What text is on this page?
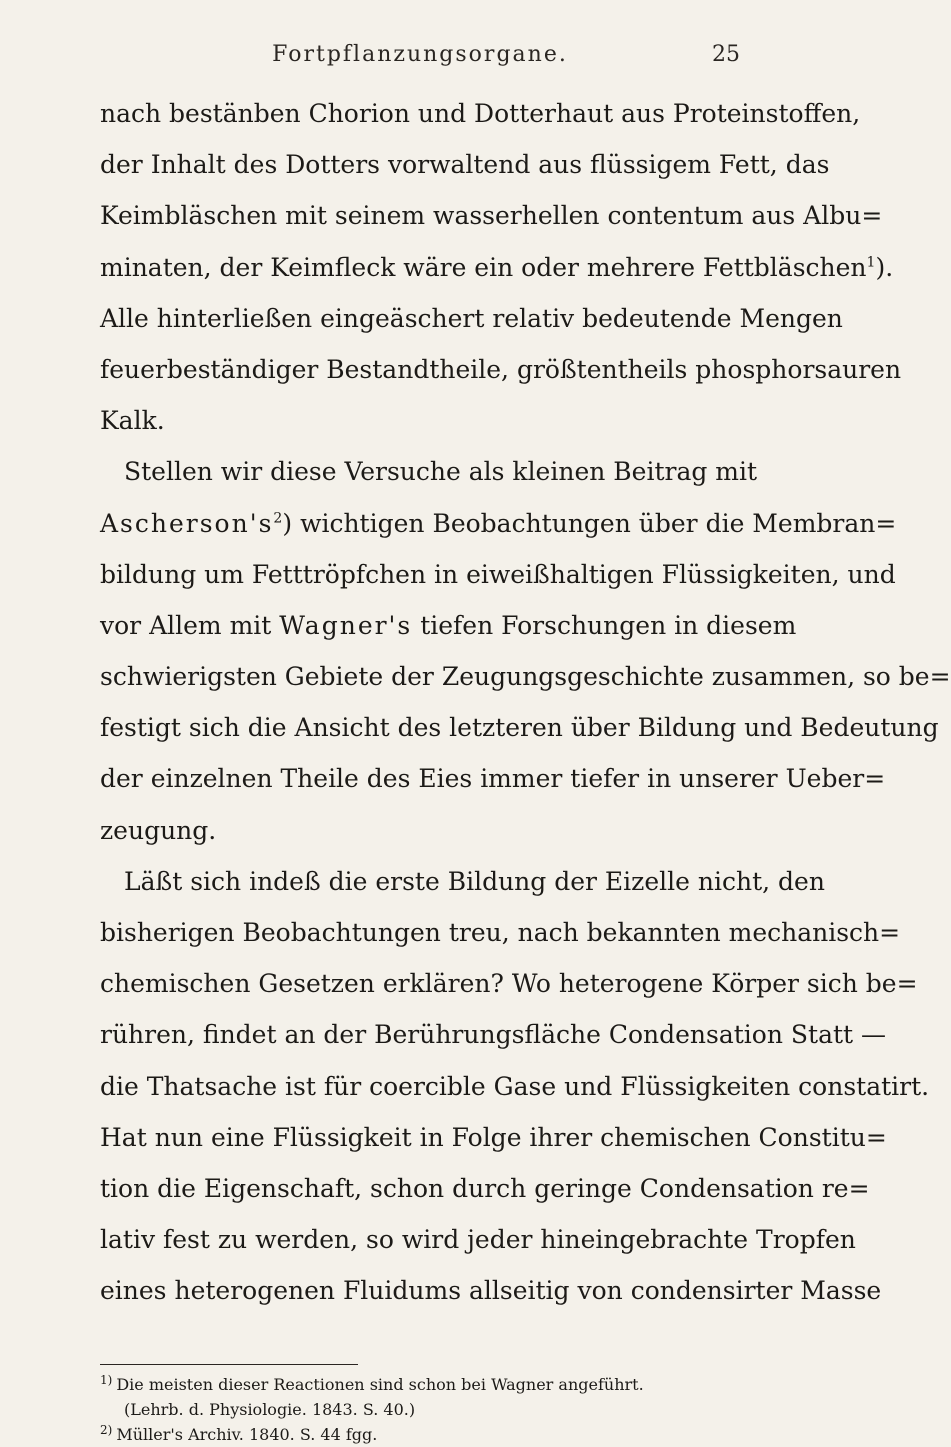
Fortpflanzungsorgane.	25
nach bestänben Chorion und Dotterhaut aus Proteinstoffen,
der Inhalt des Dotters vorwaltend aus flüssigem Fett, das
Keimbläschen mit seinem wasserhellen contentum aus Albu=
minaten, der Keimfleck wäre ein oder mehrere Fettbläschen$^1$).
Alle hinterließen eingeäschert relativ bedeutende Mengen
feuerbeständiger Bestandtheile, größtentheils phosphorsauren
Kalk.
Stellen wir diese Versuche als kleinen Beitrag mit
$Ascherson's^2$) wichtigen Beobachtungen über die Membran=
bildung um Fetttröpfchen in eiweißhaltigen Flüssigkeiten, und
vor Allem mit Wagner's tiefen Forschungen in diesem
schwierigsten Gebiete der Zeugungsgeschichte zusammen, so be=
festigt sich die Ansicht des letzteren über Bildung und Bedeutung
der einzelnen Theile des Eies immer tiefer in unserer Ueber=
zeugung.
Läßt sich indeß die erste Bildung der Eizelle nicht, den
bisherigen Beobachtungen treu, nach bekannten mechanisch=
chemischen Gesetzen erklären? Wo heterogene Körper sich be=
rühren, findet an der Berührungsfläche Condensation Statt —
die Thatsache ist für coercible Gase und Flüssigkeiten constatirt.
Hat nun eine Flüssigkeit in Folge ihrer chemischen Constitu=
tion die Eigenschaft, schon durch geringe Condensation re=
lativ fest zu werden, so wird jeder hineingebrachte Tropfen
eines heterogenen Fluidums allseitig von condensirter Masse
$^{1)}$ Die meisten dieser Reactionen sind schon bei Wagner angeführt.
(Lehrb. d. Physiologie. 1843. S. 40.)
$^{2)}$ Müller's Archiv. 1840. S. 44 fgg.
